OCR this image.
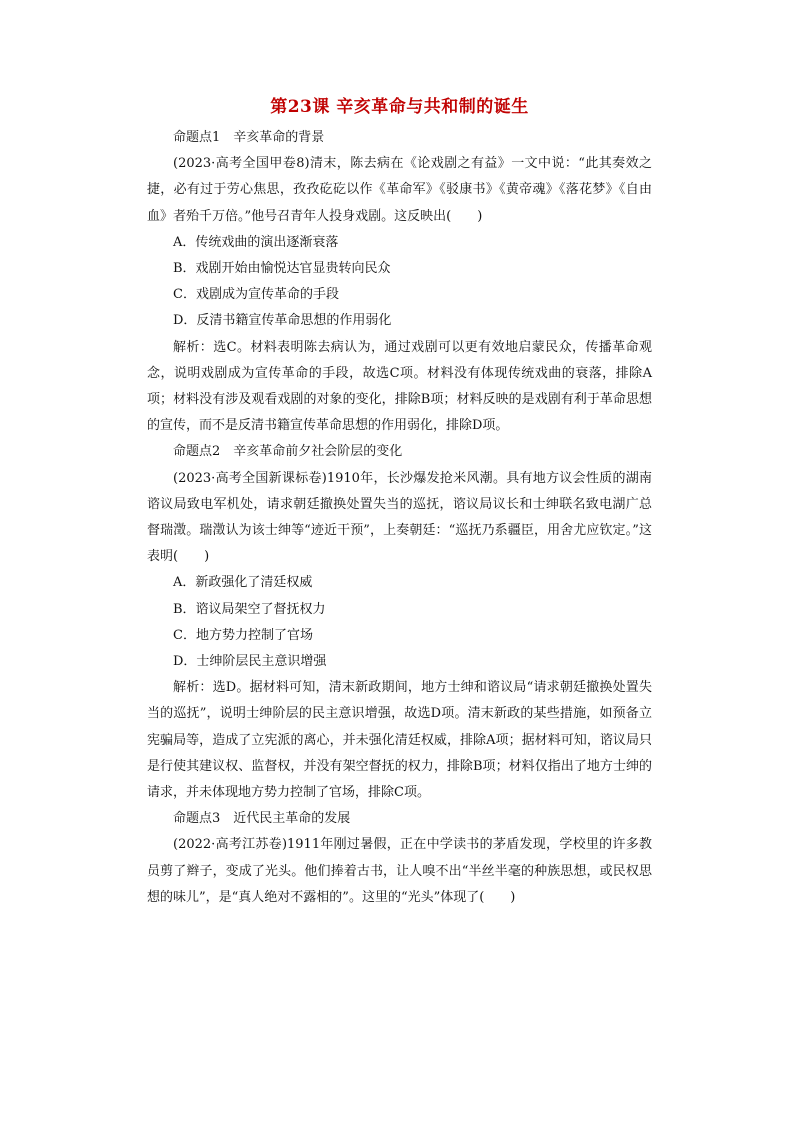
第23课 辛亥革命与共和制的诞生

命题点1　辛亥革命的背景

(2023·高考全国甲卷8)清末，陈去病在《论戏剧之有益》一文中说：“此其奏效之捷，必有过于劳心焦思，孜孜矻矻以作《革命军》《驳康书》《黄帝魂》《落花梦》《自由血》者殆千万倍。”他号召青年人投身戏剧。这反映出(　　)

A．传统戏曲的演出逐渐衰落

B．戏剧开始由愉悦达官显贵转向民众

C．戏剧成为宣传革命的手段

D．反清书籍宣传革命思想的作用弱化

解析：选C。材料表明陈去病认为，通过戏剧可以更有效地启蒙民众，传播革命观念，说明戏剧成为宣传革命的手段，故选C项。材料没有体现传统戏曲的衰落，排除A项；材料没有涉及观看戏剧的对象的变化，排除B项；材料反映的是戏剧有利于革命思想的宣传，而不是反清书籍宣传革命思想的作用弱化，排除D项。

命题点2　辛亥革命前夕社会阶层的变化

(2023·高考全国新课标卷)1910年，长沙爆发抢米风潮。具有地方议会性质的湖南谘议局致电军机处，请求朝廷撤换处置失当的巡抚，谘议局议长和士绅联名致电湖广总督瑞澂。瑞澂认为该士绅等“迹近干预”，上奏朝廷：“巡抚乃系疆臣，用舍尤应钦定。”这表明(　　)

A．新政强化了清廷权威

B．谘议局架空了督抚权力

C．地方势力控制了官场

D．士绅阶层民主意识增强

解析：选D。据材料可知，清末新政期间，地方士绅和谘议局“请求朝廷撤换处置失当的巡抚”，说明士绅阶层的民主意识增强，故选D项。清末新政的某些措施，如预备立宪骗局等，造成了立宪派的离心，并未强化清廷权威，排除A项；据材料可知，谘议局只是行使其建议权、监督权，并没有架空督抚的权力，排除B项；材料仅指出了地方士绅的请求，并未体现地方势力控制了官场，排除C项。

命题点3　近代民主革命的发展

(2022·高考江苏卷)1911年刚过暑假，正在中学读书的茅盾发现，学校里的许多教员剪了辫子，变成了光头。他们捧着古书，让人嗅不出“半丝半毫的种族思想，或民权思想的味儿”，是“真人绝对不露相的”。这里的“光头”体现了(　　)
